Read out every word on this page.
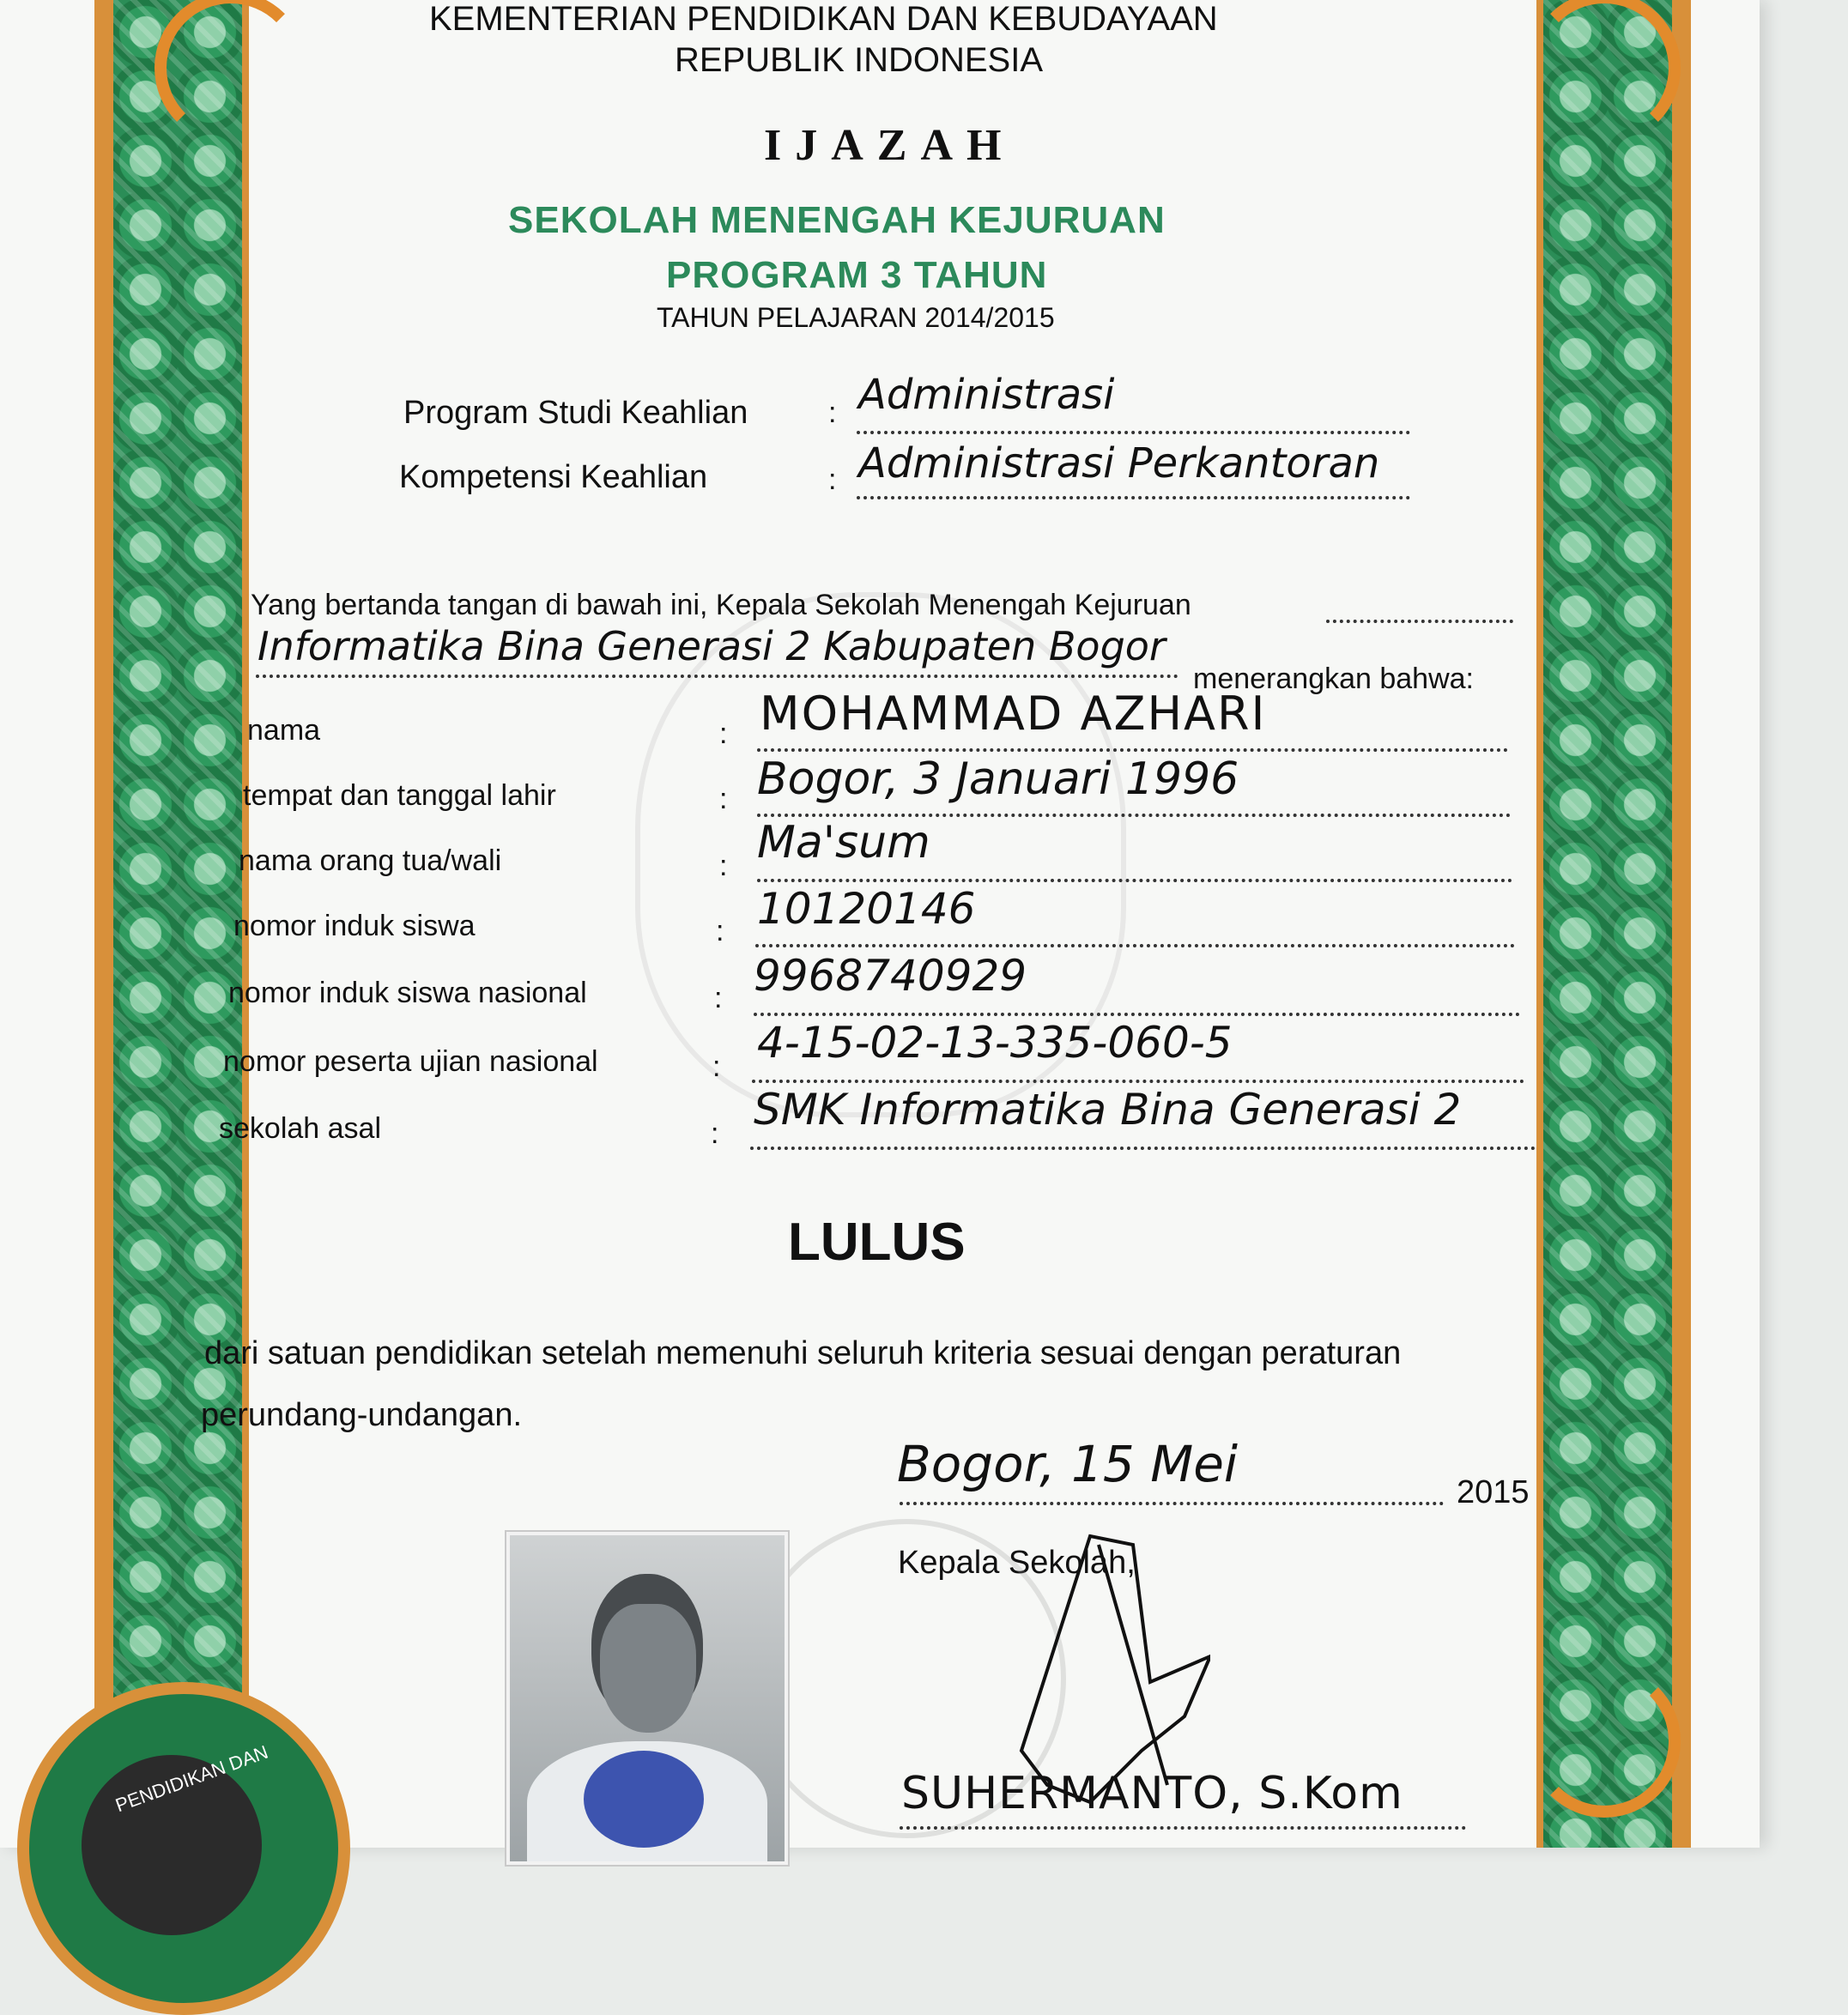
KEMENTERIAN PENDIDIKAN DAN KEBUDAYAAN
REPUBLIK INDONESIA
IJAZAH
SEKOLAH MENENGAH KEJURUAN
PROGRAM 3 TAHUN
TAHUN PELAJARAN 2014/2015
Program Studi Keahlian	: Administrasi
Kompetensi Keahlian	: Administrasi Perkantoran
Yang bertanda tangan di bawah ini, Kepala Sekolah Menengah Kejuruan
Informatika Bina Generasi 2 Kabupaten Bogor
menerangkan bahwa:
nama	: MOHAMMAD AZHARI
tempat dan tanggal lahir	: Bogor, 3 Januari 1996
nama orang tua/wali	: Ma'sum
nomor induk siswa	: 10120146
nomor induk siswa nasional	: 9968740929
nomor peserta ujian nasional	: 4-15-02-13-335-060-5
sekolah asal	: SMK Informatika Bina Generasi 2
LULUS
dari satuan pendidikan setelah memenuhi seluruh kriteria sesuai dengan peraturan
perundang-undangan.
Bogor, 15 Mei	2015
Kepala Sekolah,
SUHERMANTO, S.Kom
PENDIDIKAN DAN
